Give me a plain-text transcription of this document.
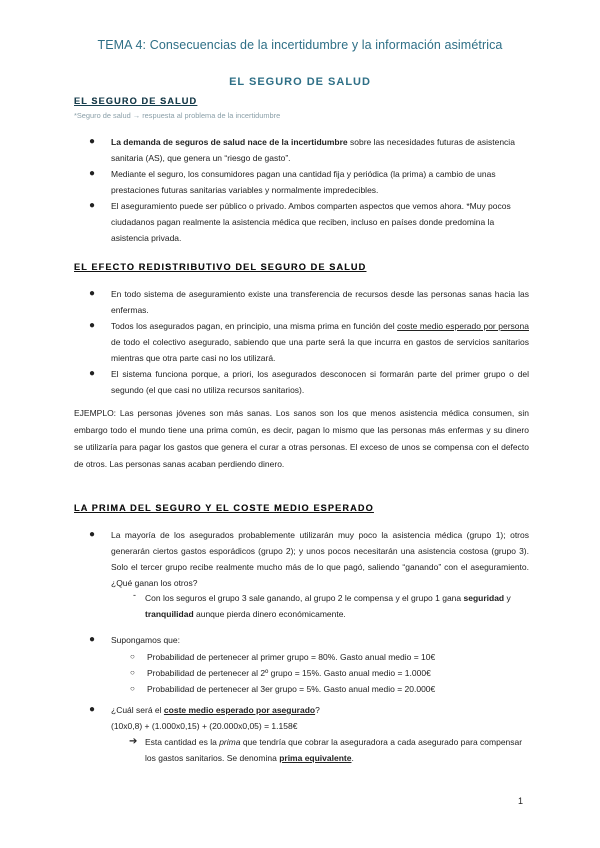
TEMA 4: Consecuencias de la incertidumbre y la información asimétrica
EL SEGURO DE SALUD
EL SEGURO DE SALUD
*Seguro de salud → respuesta al problema de la incertidumbre
● La demanda de seguros de salud nace de la incertidumbre sobre las necesidades futuras de asistencia sanitaria (AS), que genera un “riesgo de gasto”.
● Mediante el seguro, los consumidores pagan una cantidad fija y periódica (la prima) a cambio de unas prestaciones futuras sanitarias variables y normalmente impredecibles.
● El aseguramiento puede ser público o privado. Ambos comparten aspectos que vemos ahora. *Muy pocos ciudadanos pagan realmente la asistencia médica que reciben, incluso en países donde predomina la asistencia privada.
EL EFECTO REDISTRIBUTIVO DEL SEGURO DE SALUD
● En todo sistema de aseguramiento existe una transferencia de recursos desde las personas sanas hacia las enfermas.
● Todos los asegurados pagan, en principio, una misma prima en función del coste medio esperado por persona de todo el colectivo asegurado, sabiendo que una parte será la que incurra en gastos de servicios sanitarios mientras que otra parte casi no los utilizará.
● El sistema funciona porque, a priori, los asegurados desconocen si formarán parte del primer grupo o del segundo (el que casi no utiliza recursos sanitarios).
EJEMPLO: Las personas jóvenes son más sanas. Los sanos son los que menos asistencia médica consumen, sin embargo todo el mundo tiene una prima común, es decir, pagan lo mismo que las personas más enfermas y su dinero se utilizaría para pagar los gastos que genera el curar a otras personas. El exceso de unos se compensa con el defecto de otros. Las personas sanas acaban perdiendo dinero.
LA PRIMA DEL SEGURO Y EL COSTE MEDIO ESPERADO
● La mayoría de los asegurados probablemente utilizarán muy poco la asistencia médica (grupo 1); otros generarán ciertos gastos esporádicos (grupo 2); y unos pocos necesitarán una asistencia costosa (grupo 3). Solo el tercer grupo recibe realmente mucho más de lo que pagó, saliendo “ganando” con el aseguramiento. ¿Qué ganan los otros?
- Con los seguros el grupo 3 sale ganando, al grupo 2 le compensa y el grupo 1 gana seguridad y tranquilidad aunque pierda dinero económicamente.
● Supongamos que:
○ Probabilidad de pertenecer al primer grupo = 80%. Gasto anual medio = 10€
○ Probabilidad de pertenecer al 2º grupo = 15%. Gasto anual medio = 1.000€
○ Probabilidad de pertenecer al 3er grupo = 5%. Gasto anual medio = 20.000€
● ¿Cuál será el coste medio esperado por asegurado?
(10x0,8) + (1.000x0,15) + (20.000x0,05) = 1.158€
➔ Esta cantidad es la prima que tendría que cobrar la aseguradora a cada asegurado para compensar los gastos sanitarios. Se denomina prima equivalente.
1
